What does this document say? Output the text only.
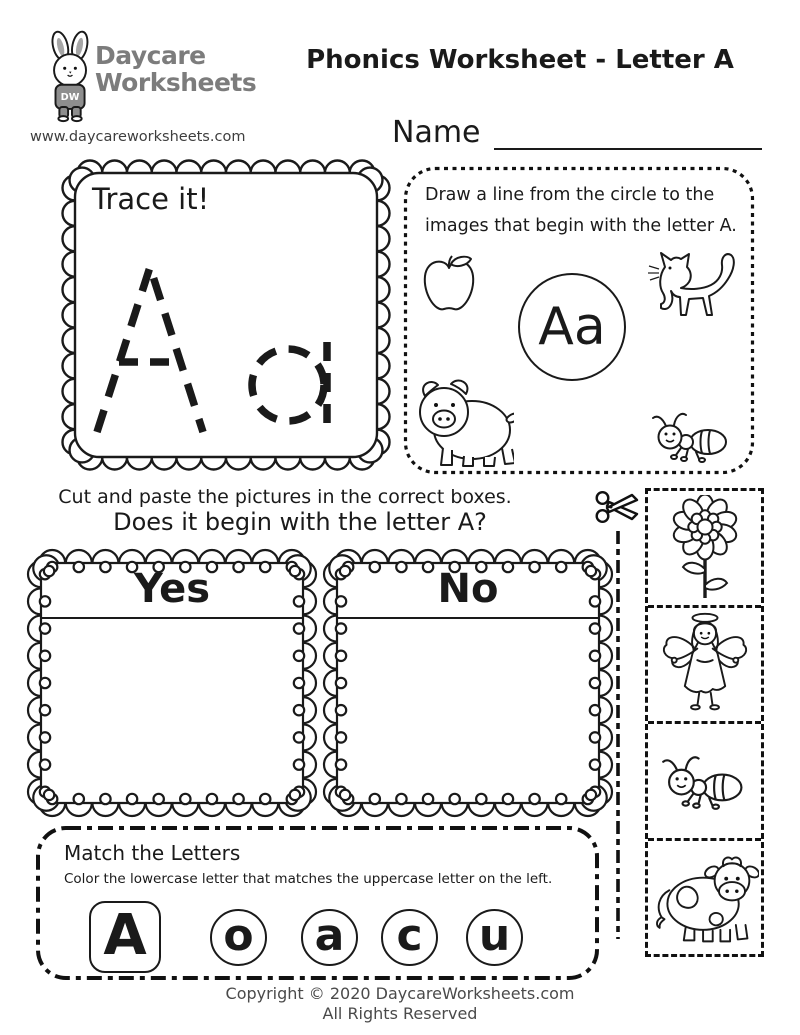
DW
Daycare
Worksheets
www.daycareworksheets.com
Phonics Worksheet - Letter A
Name
Trace it!	Draw a line from the circle to the
images that begin with the letter A.
Aa
Cut and paste the pictures in the correct boxes.
Does it begin with the letter A?
Yes	No
Match the Letters
Color the lowercase letter that matches the uppercase letter on the left.
A o a c u
Copyright © 2020 DaycareWorksheets.com
All Rights Reserved
